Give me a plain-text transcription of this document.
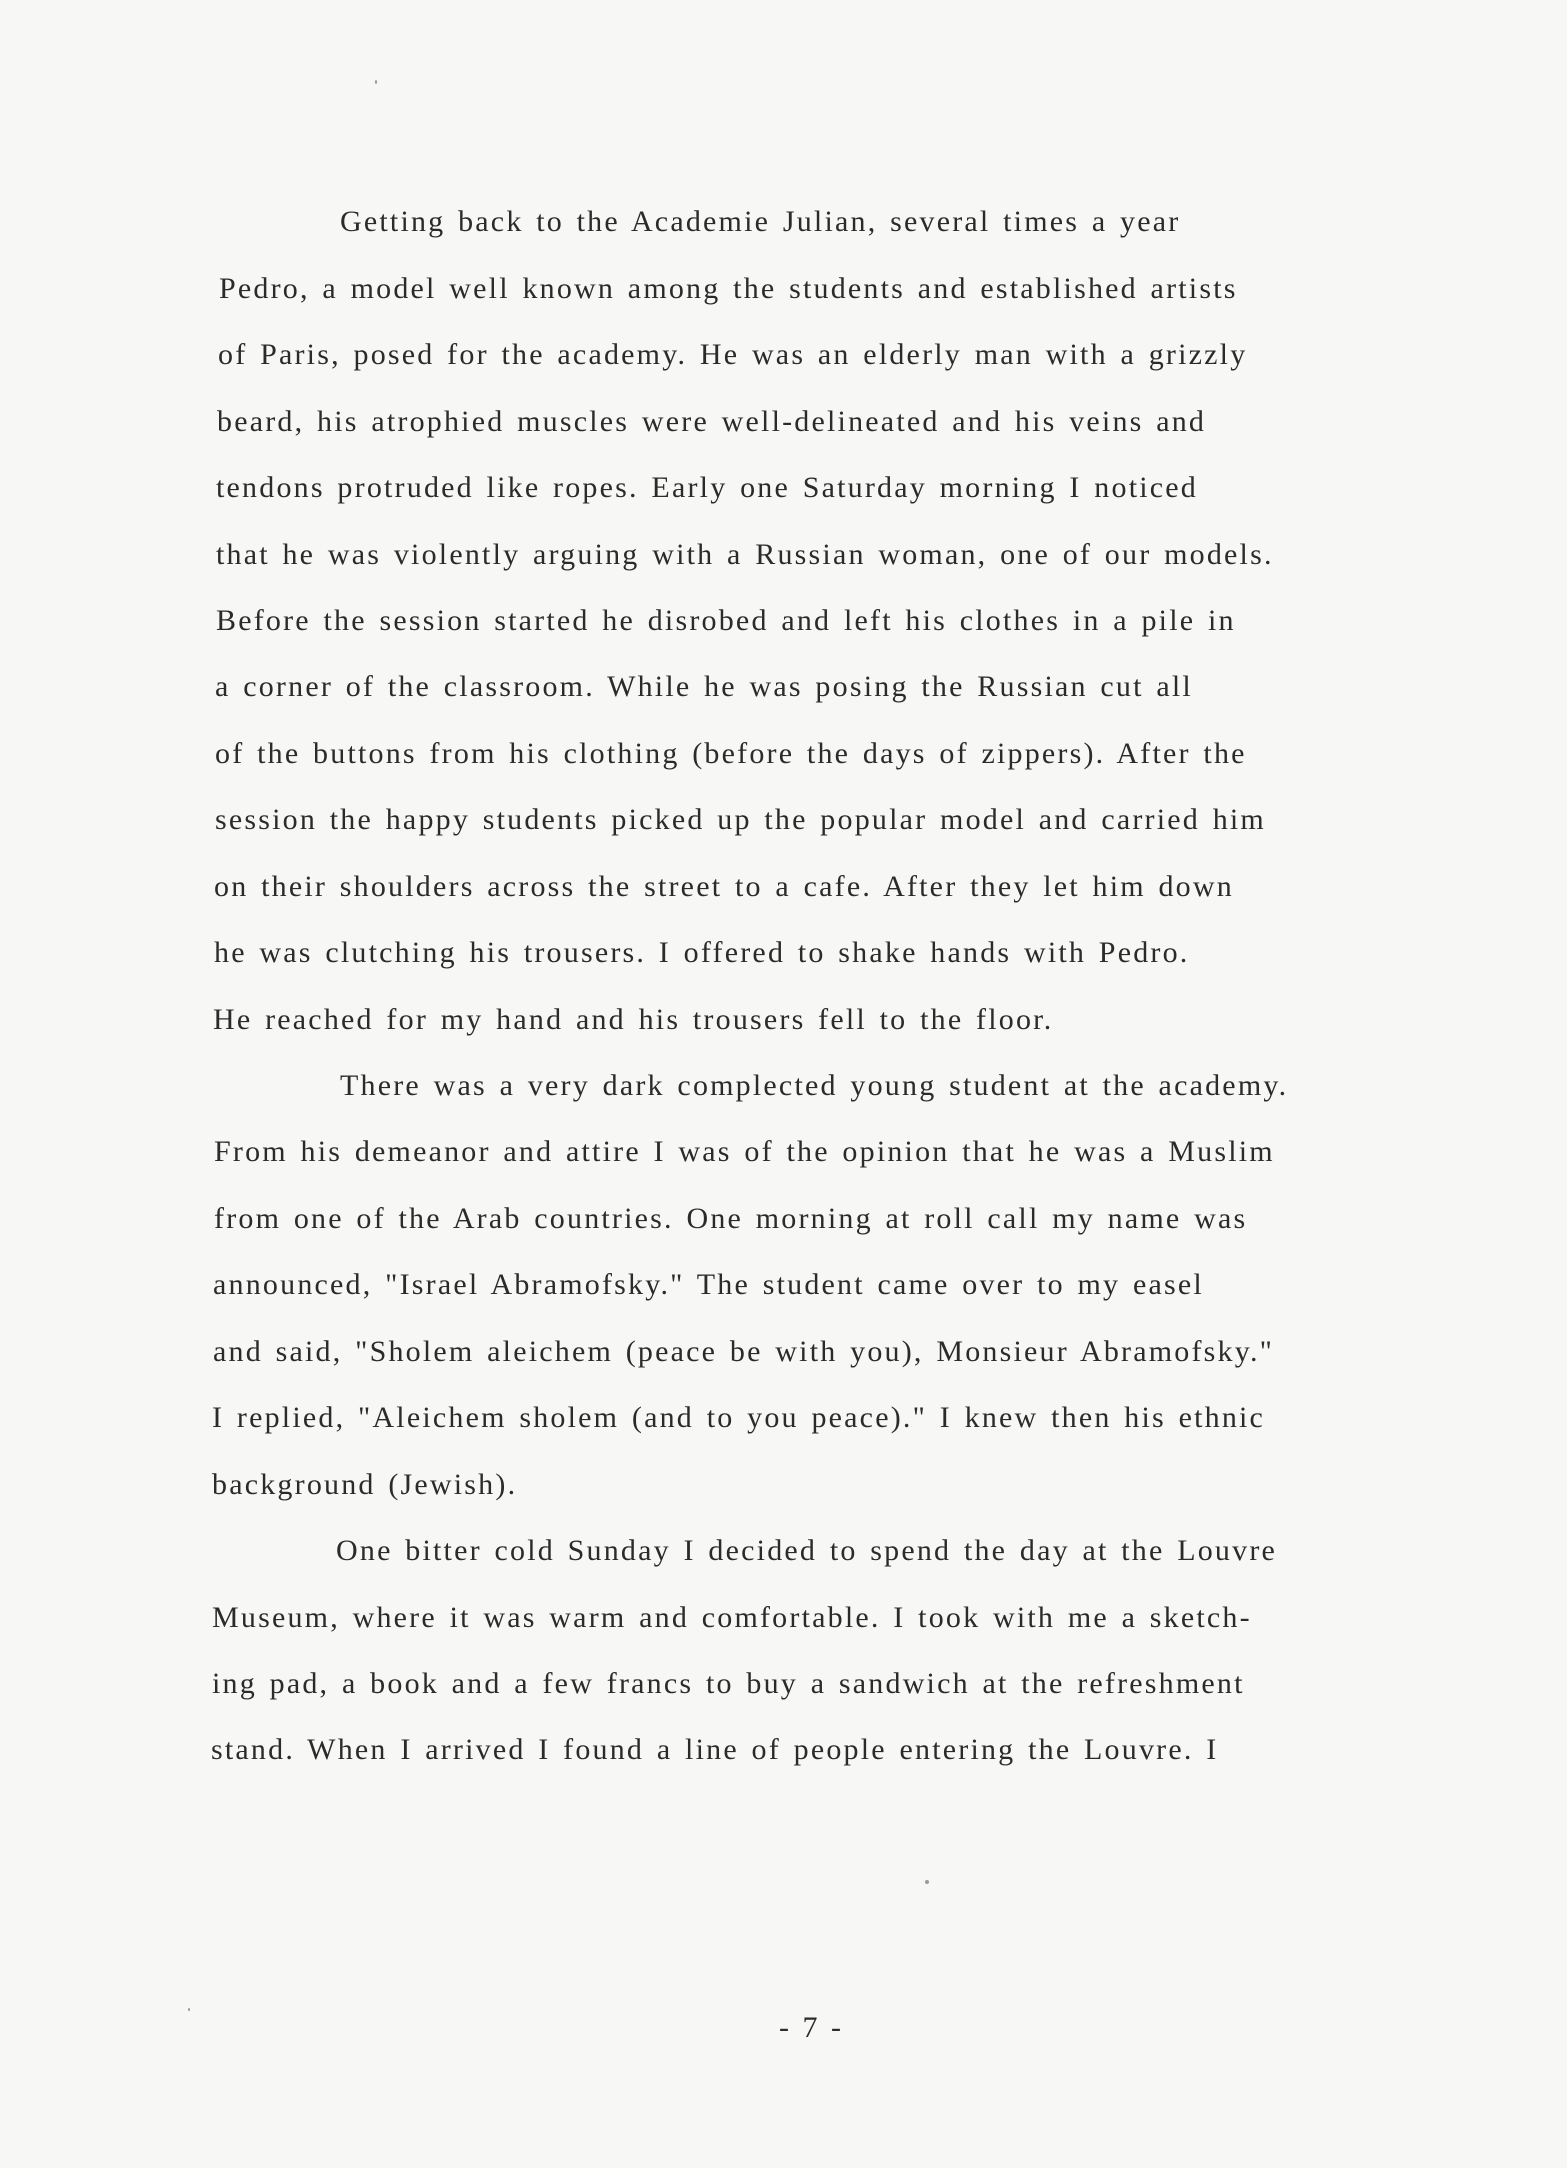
Getting back to the Academie Julian, several times a year
Pedro, a model well known among the students and established artists
of Paris, posed for the academy. He was an elderly man with a grizzly
beard, his atrophied muscles were well-delineated and his veins and
tendons protruded like ropes. Early one Saturday morning I noticed
that he was violently arguing with a Russian woman, one of our models.
Before the session started he disrobed and left his clothes in a pile in
a corner of the classroom. While he was posing the Russian cut all
of the buttons from his clothing (before the days of zippers). After the
session the happy students picked up the popular model and carried him
on their shoulders across the street to a cafe. After they let him down
he was clutching his trousers. I offered to shake hands with Pedro.
He reached for my hand and his trousers fell to the floor.
There was a very dark complected young student at the academy.
From his demeanor and attire I was of the opinion that he was a Muslim
from one of the Arab countries. One morning at roll call my name was
announced, "Israel Abramofsky." The student came over to my easel
and said, "Sholem aleichem (peace be with you), Monsieur Abramofsky."
I replied, "Aleichem sholem (and to you peace)." I knew then his ethnic
background (Jewish).
One bitter cold Sunday I decided to spend the day at the Louvre
Museum, where it was warm and comfortable. I took with me a sketch-
ing pad, a book and a few francs to buy a sandwich at the refreshment
stand. When I arrived I found a line of people entering the Louvre. I
- 7 -
